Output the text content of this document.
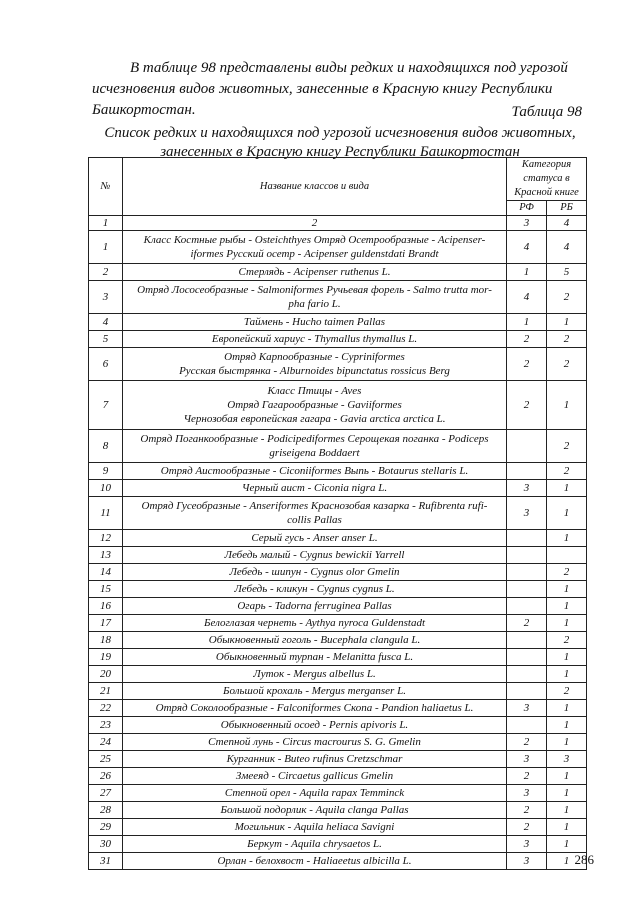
В таблице 98 представлены виды редких и находящихся под угрозой исчезновения видов животных, занесенные в Красную книгу Республики Башкортостан.	Таблица 98
Список редких и находящихся под угрозой исчезновения видов животных, занесенных в Красную книгу Республики Башкортостан
№	Название классов и вида	Категория статуса в Красной книге	
		РФ	РБ
1	2	3	4
1	Класс Костные рыбы - Osteichthyes Отряд Осетрообразные - Acipenser-
iformes Русский осетр - Acipenser guldenstdati Brandt	4	4
2	Стерлядь - Acipenser ruthenus L.	1	5
3	Отряд Лососеобразные - Salmoniformes Ручьевая форель - Salmo trutta mor-
pha fario L.	4	2
4	Таймень - Hucho taimen Pallas	1	1
5	Европейский хариус - Thymallus thymallus L.	2	2
6	Отряд Карпообразные - Cypriniformes
Русская быстрянка - Alburnoides bipunctatus rossicus Berg	2	2
7	Класс Птицы - Aves
Отряд Гагарообразные - Gaviiformes
Чернозобая европейская гагара - Gavia arctica arctica L.	2	1
8	Отряд Поганкообразные - Podicipediformes Серощекая поганка - Podiceps
griseigena Boddaert		2
9	Отряд Аистообразные - Ciconiiformes Выпь - Botaurus stellaris L.		2
10	Черный аист - Ciconia nigra L.	3	1
11	Отряд Гусеобразные - Anseriformes Краснозобая казарка - Rufibrenta rufi-
collis Pallas	3	1
12	Серый гусь - Anser anser L.		1
13	Лебедь малый - Cygnus bewickii Yarrell		

14	Лебедь - шипун - Cygnus olor Gmelin		2
15	Лебедь - кликун - Cygnus cygnus L.		1
16	Огарь - Tadorna ferruginea Pallas		1
17	Белоглазая чернеть - Aythya nyroca Guldenstadt	2	1
18	Обыкновенный гоголь - Bucephala clangula L.		2
19	Обыкновенный турпан - Melanitta fusca L.		1
20	Луток - Mergus albellus L.		1
21	Большой крохаль - Mergus merganser L.		2
22	Отряд Соколообразные - Falconiformes Скопа - Pandion haliaetus L.	3	1
23	Обыкновенный осоед - Pernis apivoris L.		1
24	Степной лунь - Circus macrourus S. G. Gmelin	2	1
25	Курганник - Buteo rufinus Cretzschmar	3	3
26	Змееяд - Circaetus gallicus Gmelin	2	1
27	Степной орел - Aquila rapax Temminck	3	1
28	Большой подорлик - Aquila clanga Pallas	2	1
29	Могильник - Aquila heliaca Savigni	2	1
30	Беркут - Aquila chrysaetos L.	3	1
31	Орлан - белохвост - Haliaeetus albicilla L.	3	1 286
